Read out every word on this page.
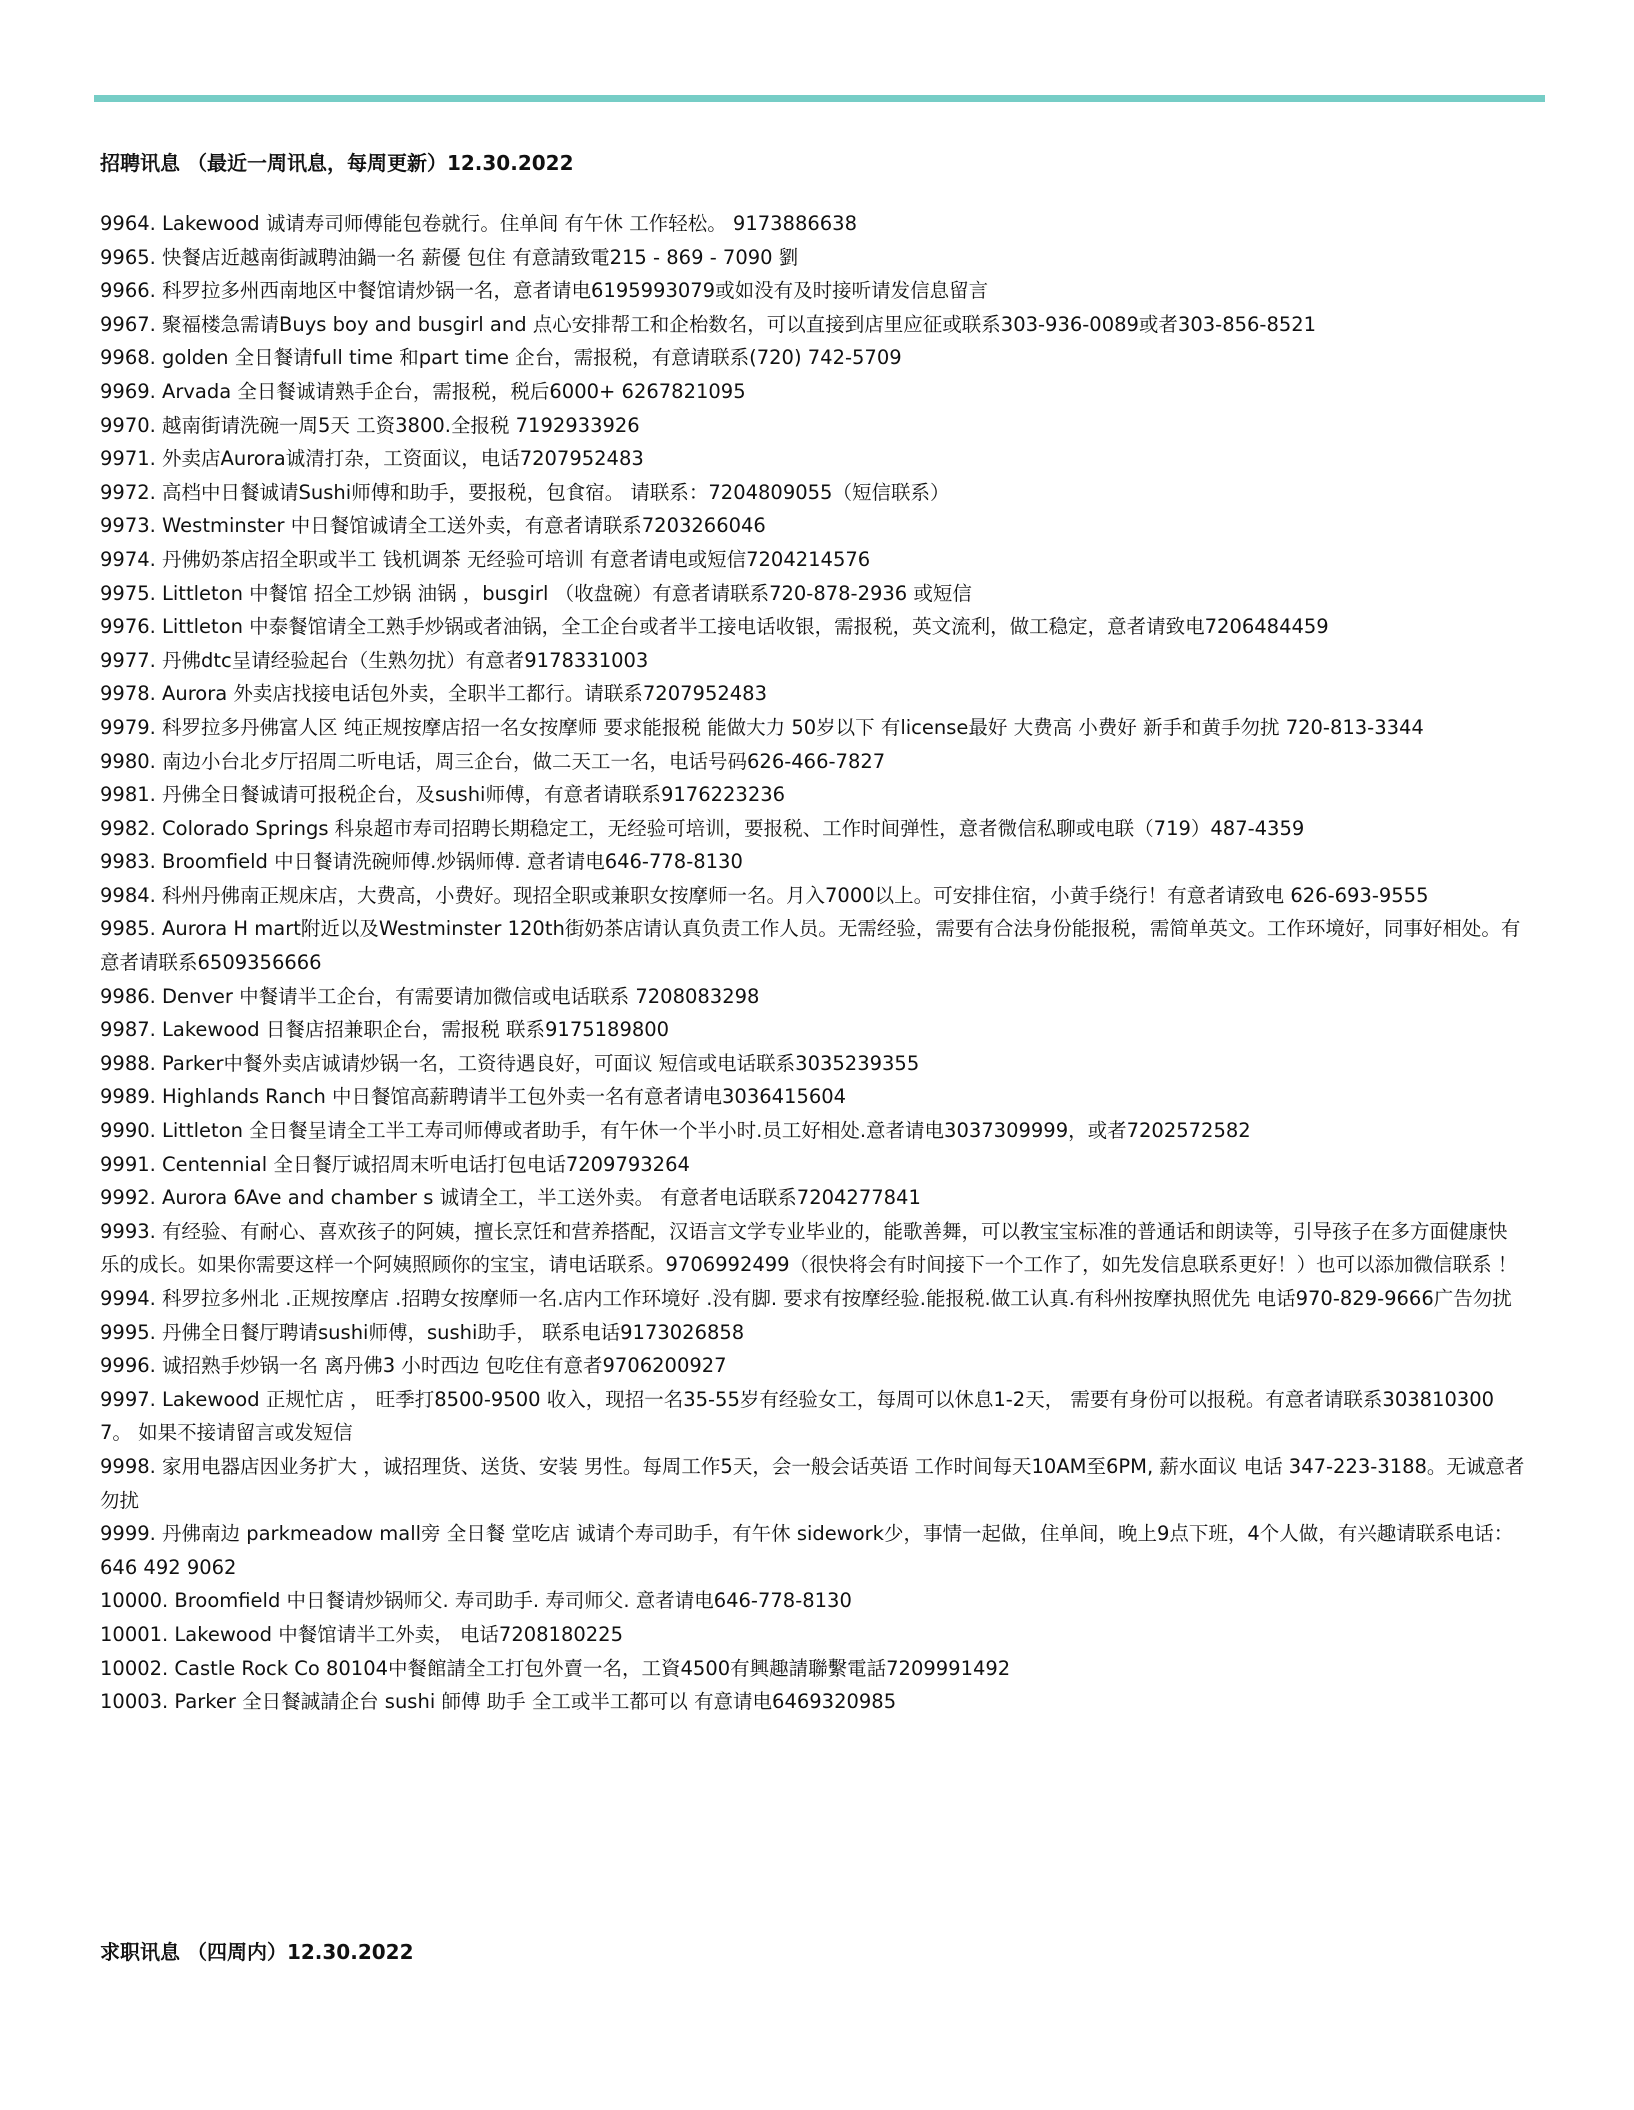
招聘讯息 （最近一周讯息，每周更新）12.30.2022
9964. Lakewood 诚请寿司师傅能包卷就行。住单间 有午休 工作轻松。 9173886638
9965. 快餐店近越南街誠聘油鍋一名 薪優 包住 有意請致電215 - 869 - 7090 劉
9966. 科罗拉多州西南地区中餐馆请炒锅一名，意者请电6195993079或如没有及时接听请发信息留言
9967. 聚福楼急需请Buys boy and busgirl and 点心安排帮工和企枱数名，可以直接到店里应征或联系303-936-0089或者303-856-8521
9968. golden 全日餐请full time 和part time 企台，需报税，有意请联系(720) 742-5709
9969. Arvada 全日餐诚请熟手企台，需报税，税后6000+ 6267821095
9970. 越南街请洗碗一周5天 工资3800.全报税 7192933926
9971. 外卖店Aurora诚清打杂，工资面议，电话7207952483
9972. 高档中日餐诚请Sushi师傅和助手，要报税，包食宿。 请联系：7204809055（短信联系）
9973. Westminster 中日餐馆诚请全工送外卖，有意者请联系7203266046
9974. 丹佛奶茶店招全职或半工 钱机调茶 无经验可培训 有意者请电或短信7204214576
9975. Littleton 中餐馆 招全工炒锅 油锅 ，busgirl （收盘碗）有意者请联系720-878-2936 或短信
9976. Littleton 中泰餐馆请全工熟手炒锅或者油锅，全工企台或者半工接电话收银，需报税，英文流利，做工稳定，意者请致电7206484459
9977. 丹佛dtc呈请经验起台（生熟勿扰）有意者9178331003
9978. Aurora 外卖店找接电话包外卖，全职半工都行。请联系7207952483
9979. 科罗拉多丹佛富人区 纯正规按摩店招一名女按摩师 要求能报税 能做大力 50岁以下 有license最好 大费高 小费好 新手和黄手勿扰 720-813-3344
9980. 南边小台北歺厅招周二听电话，周三企台，做二天工一名，电话号码626-466-7827
9981. 丹佛全日餐诚请可报税企台，及sushi师傅，有意者请联系9176223236
9982. Colorado Springs 科泉超市寿司招聘长期稳定工，无经验可培训，要报税、工作时间弹性，意者微信私聊或电联（719）487-4359
9983. Broomfield 中日餐请洗碗师傅.炒锅师傅. 意者请电646-778-8130
9984. 科州丹佛南正规床店，大费高，小费好。现招全职或兼职女按摩师一名。月入7000以上。可安排住宿，小黄手绕行！有意者请致电 626-693-9555
9985. Aurora H mart附近以及Westminster 120th街奶茶店请认真负责工作人员。无需经验，需要有合法身份能报税，需简单英文。工作环境好，同事好相处。有意者请联系6509356666
9986. Denver 中餐请半工企台，有需要请加微信或电话联系 7208083298
9987. Lakewood 日餐店招兼职企台，需报税 联系9175189800
9988. Parker中餐外卖店诚请炒锅一名，工资待遇良好，可面议 短信或电话联系3035239355
9989. Highlands Ranch 中日餐馆高薪聘请半工包外卖一名有意者请电3036415604
9990. Littleton 全日餐呈请全工半工寿司师傅或者助手，有午休一个半小时.员工好相处.意者请电3037309999，或者7202572582
9991. Centennial 全日餐厅诚招周末听电话打包电话7209793264
9992. Aurora 6Ave and chamber s 诚请全工，半工送外卖。 有意者电话联系7204277841
9993. 有经验、有耐心、喜欢孩子的阿姨，擅长烹饪和营养搭配，汉语言文学专业毕业的，能歌善舞，可以教宝宝标准的普通话和朗读等，引导孩子在多方面健康快乐的成长。如果你需要这样一个阿姨照顾你的宝宝，请电话联系。9706992499（很快将会有时间接下一个工作了，如先发信息联系更好！）也可以添加微信联系 ！
9994. 科罗拉多州北 .正规按摩店 .招聘女按摩师一名.店内工作环境好 .没有脚. 要求有按摩经验.能报税.做工认真.有科州按摩执照优先 电话970-829-9666广告勿扰
9995. 丹佛全日餐厅聘请sushi师傅，sushi助手， 联系电话9173026858
9996. 诚招熟手炒锅一名 离丹佛3 小时西边 包吃住有意者9706200927
9997. Lakewood 正规忙店 ， 旺季打8500-9500 收入，现招一名35-55岁有经验女工，每周可以休息1-2天， 需要有身份可以报税。有意者请联系3038103007。 如果不接请留言或发短信
9998. 家用电器店因业务扩大 ，诚招理货、送货、安装 男性。每周工作5天，会一般会话英语 工作时间每天10AM至6PM, 薪水面议 电话 347-223-3188。无诚意者勿扰
9999. 丹佛南边 parkmeadow mall旁 全日餐 堂吃店 诚请个寿司助手，有午休 sidework少，事情一起做，住单间，晚上9点下班，4个人做，有兴趣请联系电话：646 492 9062
10000. Broomfield 中日餐请炒锅师父. 寿司助手. 寿司师父. 意者请电646-778-8130
10001. Lakewood 中餐馆请半工外卖， 电话7208180225
10002. Castle Rock Co 80104中餐館請全工打包外賣一名，工資4500有興趣請聯繫電話7209991492
10003. Parker 全日餐誠請企台 sushi 師傅 助手 全工或半工都可以 有意请电6469320985
求职讯息 （四周内）12.30.2022
